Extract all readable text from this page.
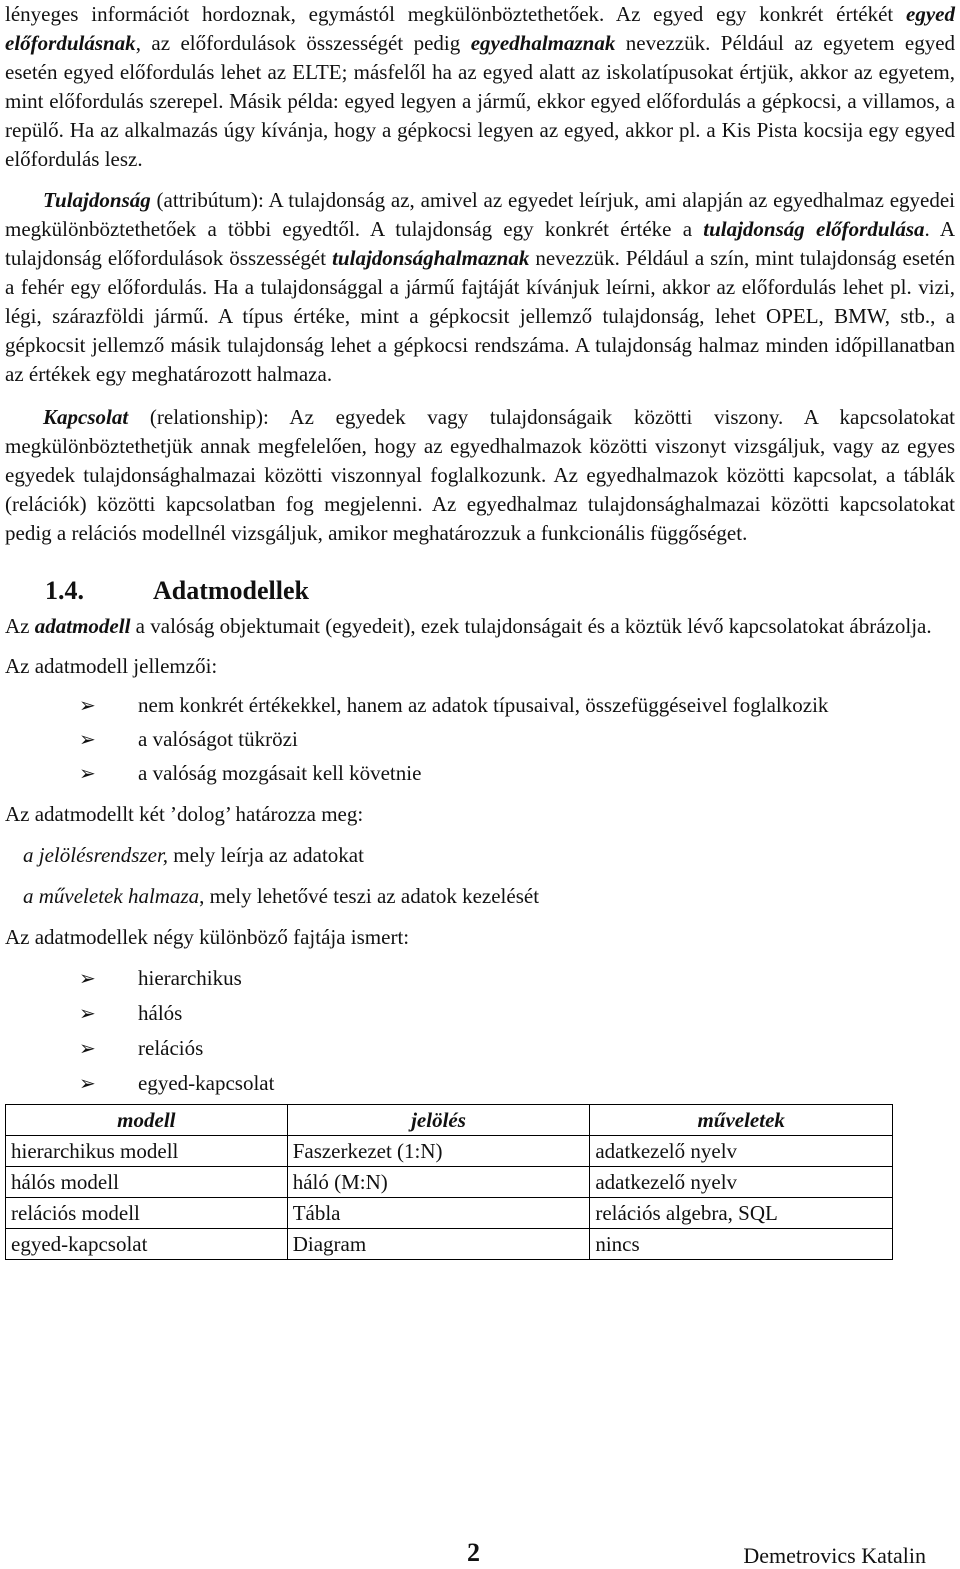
lényeges információt hordoznak, egymástól megkülönböztethetőek. Az egyed egy konkrét értékét egyed előfordulásnak, az előfordulások összességét pedig egyedhalmaznak nevezzük. Például az egyetem egyed esetén egyed előfordulás lehet az ELTE; másfelől ha az egyed alatt az iskolatípusokat értjük, akkor az egyetem, mint előfordulás szerepel. Másik példa: egyed legyen a jármű, ekkor egyed előfordulás a gépkocsi, a villamos, a repülő. Ha az alkalmazás úgy kívánja, hogy a gépkocsi legyen az egyed, akkor pl. a Kis Pista kocsija egy egyed előfordulás lesz.

Tulajdonság (attribútum): A tulajdonság az, amivel az egyedet leírjuk, ami alapján az egyedhalmaz egyedei megkülönböztethetőek a többi egyedtől. A tulajdonság egy konkrét értéke a tulajdonság előfordulása. A tulajdonság előfordulások összességét tulajdonsághalmaznak nevezzük. Például a szín, mint tulajdonság esetén a fehér egy előfordulás. Ha a tulajdonsággal a jármű fajtáját kívánjuk leírni, akkor az előfordulás lehet pl. vizi, légi, szárazföldi jármű. A típus értéke, mint a gépkocsit jellemző tulajdonság, lehet OPEL, BMW, stb., a gépkocsit jellemző másik tulajdonság lehet a gépkocsi rendszáma. A tulajdonság halmaz minden időpillanatban az értékek egy meghatározott halmaza.

Kapcsolat (relationship): Az egyedek vagy tulajdonságaik közötti viszony. A kapcsolatokat megkülönböztethetjük annak megfelelően, hogy az egyedhalmazok közötti viszonyt vizsgáljuk, vagy az egyes egyedek tulajdonsághalmazai közötti viszonnyal foglalkozunk. Az egyedhalmazok közötti kapcsolat, a táblák (relációk) közötti kapcsolatban fog megjelenni. Az egyedhalmaz tulajdonsághalmazai közötti kapcsolatokat pedig a relációs modellnél vizsgáljuk, amikor meghatározzuk a funkcionális függőséget.

1.4.	Adatmodellek

Az adatmodell a valóság objektumait (egyedeit), ezek tulajdonságait és a köztük lévő kapcsolatokat ábrázolja.

Az adatmodell jellemzői:

➢ nem konkrét értékekkel, hanem az adatok típusaival, összefüggéseivel foglalkozik
➢ a valóságot tükrözi
➢ a valóság mozgásait kell követnie

Az adatmodellt két ’dolog’ határozza meg:

a jelölésrendszer, mely leírja az adatokat

a műveletek halmaza, mely lehetővé teszi az adatok kezelését

Az adatmodellek négy különböző fajtája ismert:

➢ hierarchikus
➢ hálós
➢ relációs
➢ egyed-kapcsolat
modell	jelölés	műveletek
hierarchikus modell	Faszerkezet (1:N)	adatkezelő nyelv
hálós modell	háló (M:N)	adatkezelő nyelv
relációs modell	Tábla	relációs algebra, SQL
egyed-kapcsolat	Diagram	nincs
2	Demetrovics Katalin
